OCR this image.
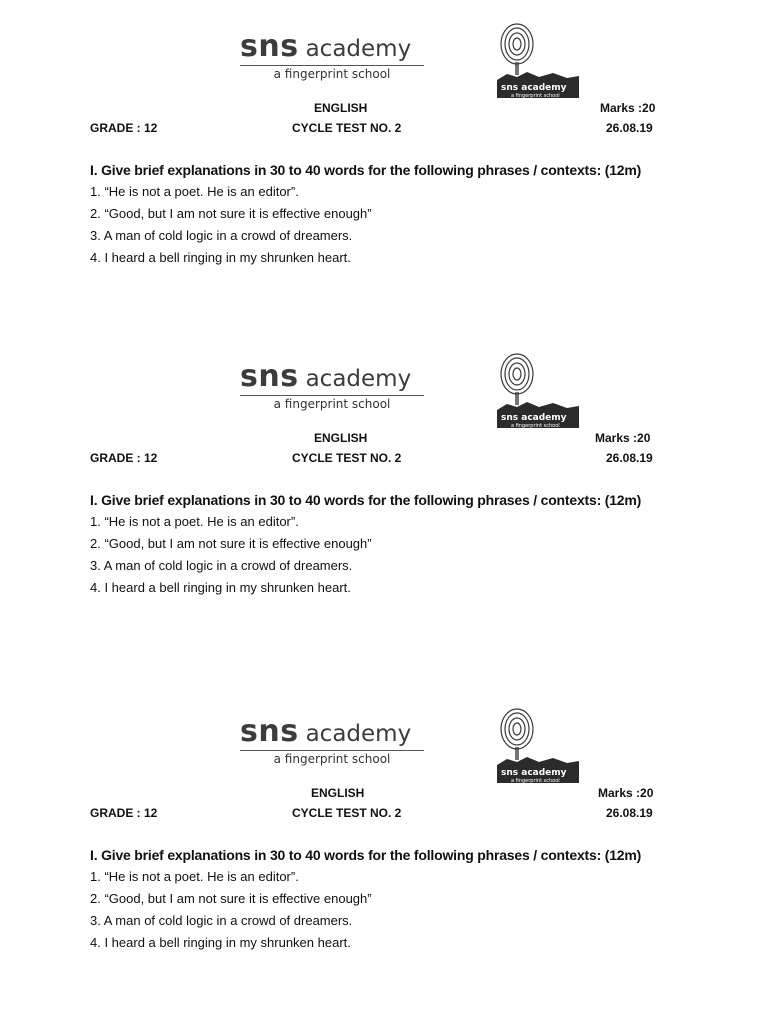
sns academy
a fingerprint school
sns academy
a fingerprint school
ENGLISH	Marks :20
GRADE : 12	CYCLE TEST NO. 2	26.08.19
I. Give brief explanations in 30 to 40 words for the following phrases / contexts: (12m)
1. “He is not a poet. He is an editor”.
2. “Good, but I am not sure it is effective enough”
3. A man of cold logic in a crowd of dreamers.
4. I heard a bell ringing in my shrunken heart.
sns academy
a fingerprint school
sns academy
a fingerprint school
ENGLISH	Marks :20
GRADE : 12	CYCLE TEST NO. 2	26.08.19
I. Give brief explanations in 30 to 40 words for the following phrases / contexts: (12m)
1. “He is not a poet. He is an editor”.
2. “Good, but I am not sure it is effective enough”
3. A man of cold logic in a crowd of dreamers.
4. I heard a bell ringing in my shrunken heart.
sns academy
a fingerprint school
sns academy
a fingerprint school
ENGLISH	Marks :20
GRADE : 12	CYCLE TEST NO. 2	26.08.19
I. Give brief explanations in 30 to 40 words for the following phrases / contexts: (12m)
1. “He is not a poet. He is an editor”.
2. “Good, but I am not sure it is effective enough”
3. A man of cold logic in a crowd of dreamers.
4. I heard a bell ringing in my shrunken heart.
